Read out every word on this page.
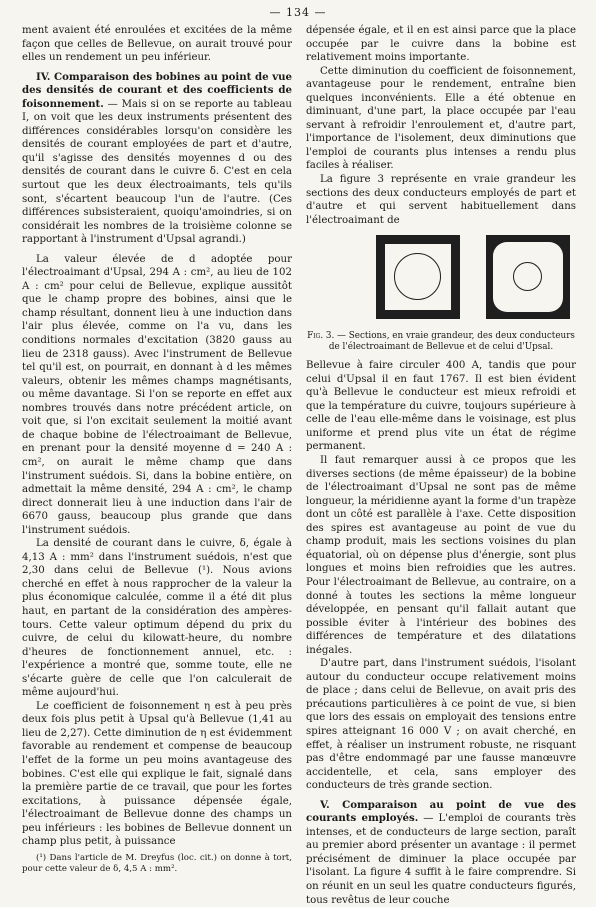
— 134 —

ment avaient été enroulées et excitées de la même façon que celles de Bellevue, on aurait trouvé pour elles un rendement un peu inférieur.

IV. Comparaison des bobines au point de vue des densités de courant et des coefficients de foisonnement. — Mais si on se reporte au tableau I, on voit que les deux instruments présentent des différences considérables lorsqu'on considère les densités de courant employées de part et d'autre, qu'il s'agisse des densités moyennes d ou des densités de courant dans le cuivre δ. C'est en cela surtout que les deux électroaimants, tels qu'ils sont, s'écartent beaucoup l'un de l'autre. (Ces différences subsisteraient, quoiqu'amoindries, si on considérait les nombres de la troisième colonne se rapportant à l'instrument d'Upsal agrandi.)

La valeur élevée de d adoptée pour l'électroaimant d'Upsal, 294 A : cm², au lieu de 102 A : cm² pour celui de Bellevue, explique aussitôt que le champ propre des bobines, ainsi que le champ résultant, donnent lieu à une induction dans l'air plus élevée, comme on l'a vu, dans les conditions normales d'excitation (3820 gauss au lieu de 2318 gauss). Avec l'instrument de Bellevue tel qu'il est, on pourrait, en donnant à d les mêmes valeurs, obtenir les mêmes champs magnétisants, ou même davantage. Si l'on se reporte en effet aux nombres trouvés dans notre précédent article, on voit que, si l'on excitait seulement la moitié avant de chaque bobine de l'électroaimant de Bellevue, en prenant pour la densité moyenne d = 240 A : cm², on aurait le même champ que dans l'instrument suédois. Si, dans la bobine entière, on admettait la même densité, 294 A : cm², le champ direct donnerait lieu à une induction dans l'air de 6670 gauss, beaucoup plus grande que dans l'instrument suédois.

La densité de courant dans le cuivre, δ, égale à 4,13 A : mm² dans l'instrument suédois, n'est que 2,30 dans celui de Bellevue (¹). Nous avions cherché en effet à nous rapprocher de la valeur la plus économique calculée, comme il a été dit plus haut, en partant de la considération des ampères-tours. Cette valeur optimum dépend du prix du cuivre, de celui du kilowatt-heure, du nombre d'heures de fonctionnement annuel, etc. : l'expérience a montré que, somme toute, elle ne s'écarte guère de celle que l'on calculerait de même aujourd'hui.

Le coefficient de foisonnement η est à peu près deux fois plus petit à Upsal qu'à Bellevue (1,41 au lieu de 2,27). Cette diminution de η est évidemment favorable au rendement et compense de beaucoup l'effet de la forme un peu moins avantageuse des bobines. C'est elle qui explique le fait, signalé dans la première partie de ce travail, que pour les fortes excitations, à puissance dépensée égale, l'électroaimant de Bellevue donne des champs un peu inférieurs : les bobines de Bellevue donnent un champ plus petit, à puissance

(¹) Dans l'article de M. Dreyfus (loc. cit.) on donne à tort, pour cette valeur de δ, 4,5 A : mm².

dépensée égale, et il en est ainsi parce que la place occupée par le cuivre dans la bobine est relativement moins importante.

Cette diminution du coefficient de foisonnement, avantageuse pour le rendement, entraîne bien quelques inconvénients. Elle a été obtenue en diminuant, d'une part, la place occupée par l'eau servant à refroidir l'enroulement et, d'autre part, l'importance de l'isolement, deux diminutions que l'emploi de courants plus intenses a rendu plus faciles à réaliser.

La figure 3 représente en vraie grandeur les sections des deux conducteurs employés de part et d'autre et qui servent habituellement dans l'électroaimant de

Fig. 3. — Sections, en vraie grandeur, des deux conducteurs de l'électroaimant de Bellevue et de celui d'Upsal.

Bellevue à faire circuler 400 A, tandis que pour celui d'Upsal il en faut 1767. Il est bien évident qu'à Bellevue le conducteur est mieux refroidi et que la température du cuivre, toujours supérieure à celle de l'eau elle-même dans le voisinage, est plus uniforme et prend plus vite un état de régime permanent.

Il faut remarquer aussi à ce propos que les diverses sections (de même épaisseur) de la bobine de l'électroaimant d'Upsal ne sont pas de même longueur, la méridienne ayant la forme d'un trapèze dont un côté est parallèle à l'axe. Cette disposition des spires est avantageuse au point de vue du champ produit, mais les sections voisines du plan équatorial, où on dépense plus d'énergie, sont plus longues et moins bien refroidies que les autres. Pour l'électroaimant de Bellevue, au contraire, on a donné à toutes les sections la même longueur développée, en pensant qu'il fallait autant que possible éviter à l'intérieur des bobines des différences de température et des dilatations inégales.

D'autre part, dans l'instrument suédois, l'isolant autour du conducteur occupe relativement moins de place ; dans celui de Bellevue, on avait pris des précautions particulières à ce point de vue, si bien que lors des essais on employait des tensions entre spires atteignant 16 000 V ; on avait cherché, en effet, à réaliser un instrument robuste, ne risquant pas d'être endommagé par une fausse manœuvre accidentelle, et cela, sans employer des conducteurs de très grande section.

V. Comparaison au point de vue des courants employés. — L'emploi de courants très intenses, et de conducteurs de large section, paraît au premier abord présenter un avantage : il permet précisément de diminuer la place occupée par l'isolant. La figure 4 suffit à le faire comprendre. Si on réunit en un seul les quatre conducteurs figurés, tous revêtus de leur couche
